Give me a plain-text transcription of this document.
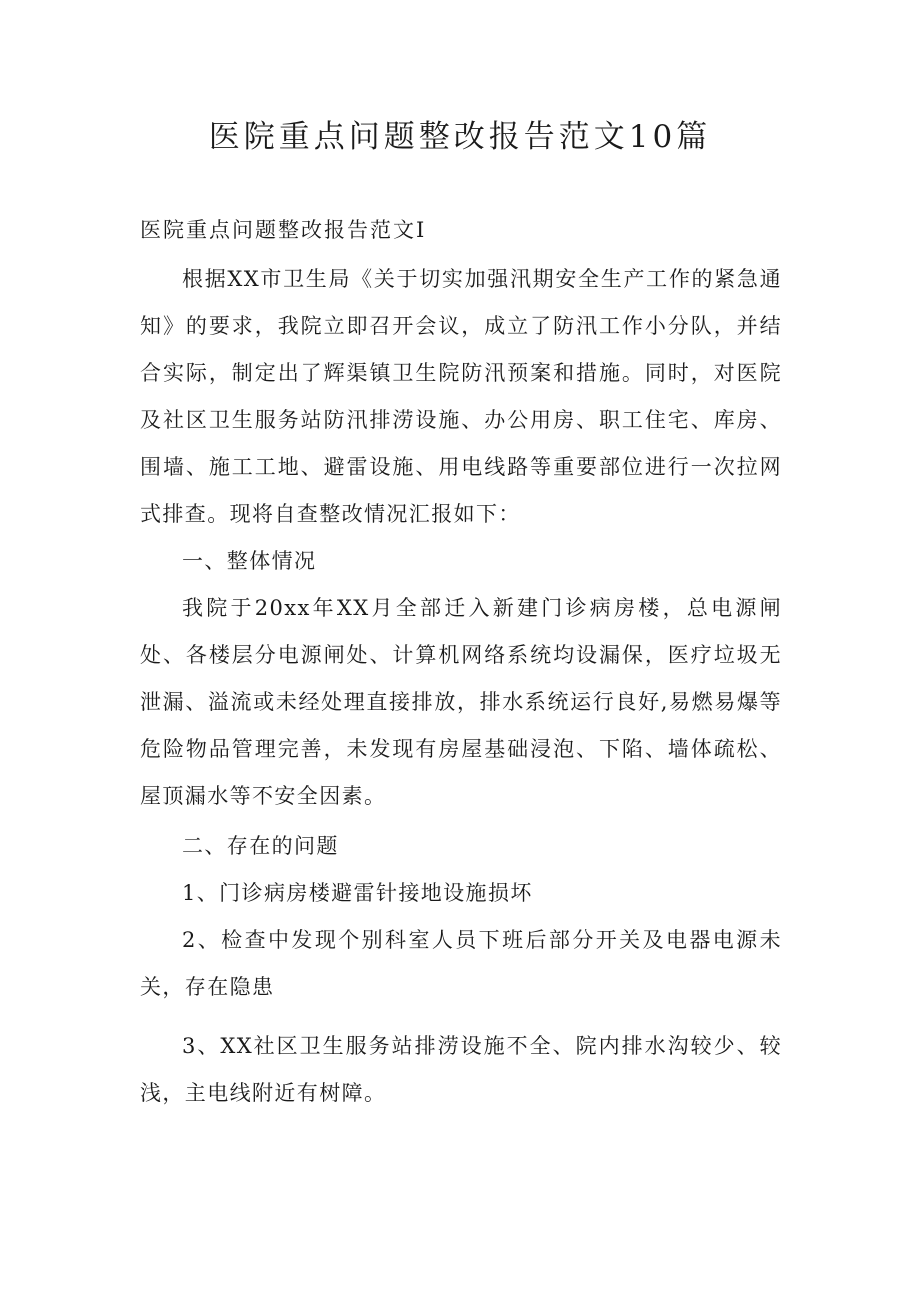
医院重点问题整改报告范文10篇
医院重点问题整改报告范文Ⅰ

根据XX市卫生局《关于切实加强汛期安全生产工作的紧急通知》的要求，我院立即召开会议，成立了防汛工作小分队，并结合实际，制定出了辉渠镇卫生院防汛预案和措施。同时，对医院及社区卫生服务站防汛排涝设施、办公用房、职工住宅、库房、围墙、施工工地、避雷设施、用电线路等重要部位进行一次拉网式排查。现将自查整改情况汇报如下：

一、整体情况

我院于20xx年XX月全部迁入新建门诊病房楼，总电源闸处、各楼层分电源闸处、计算机网络系统均设漏保，医疗垃圾无泄漏、溢流或未经处理直接排放，排水系统运行良好,易燃易爆等危险物品管理完善，未发现有房屋基础浸泡、下陷、墙体疏松、屋顶漏水等不安全因素。

二、存在的问题

1、门诊病房楼避雷针接地设施损坏

2、检查中发现个别科室人员下班后部分开关及电器电源未关，存在隐患

3、XX社区卫生服务站排涝设施不全、院内排水沟较少、较浅，主电线附近有树障。
